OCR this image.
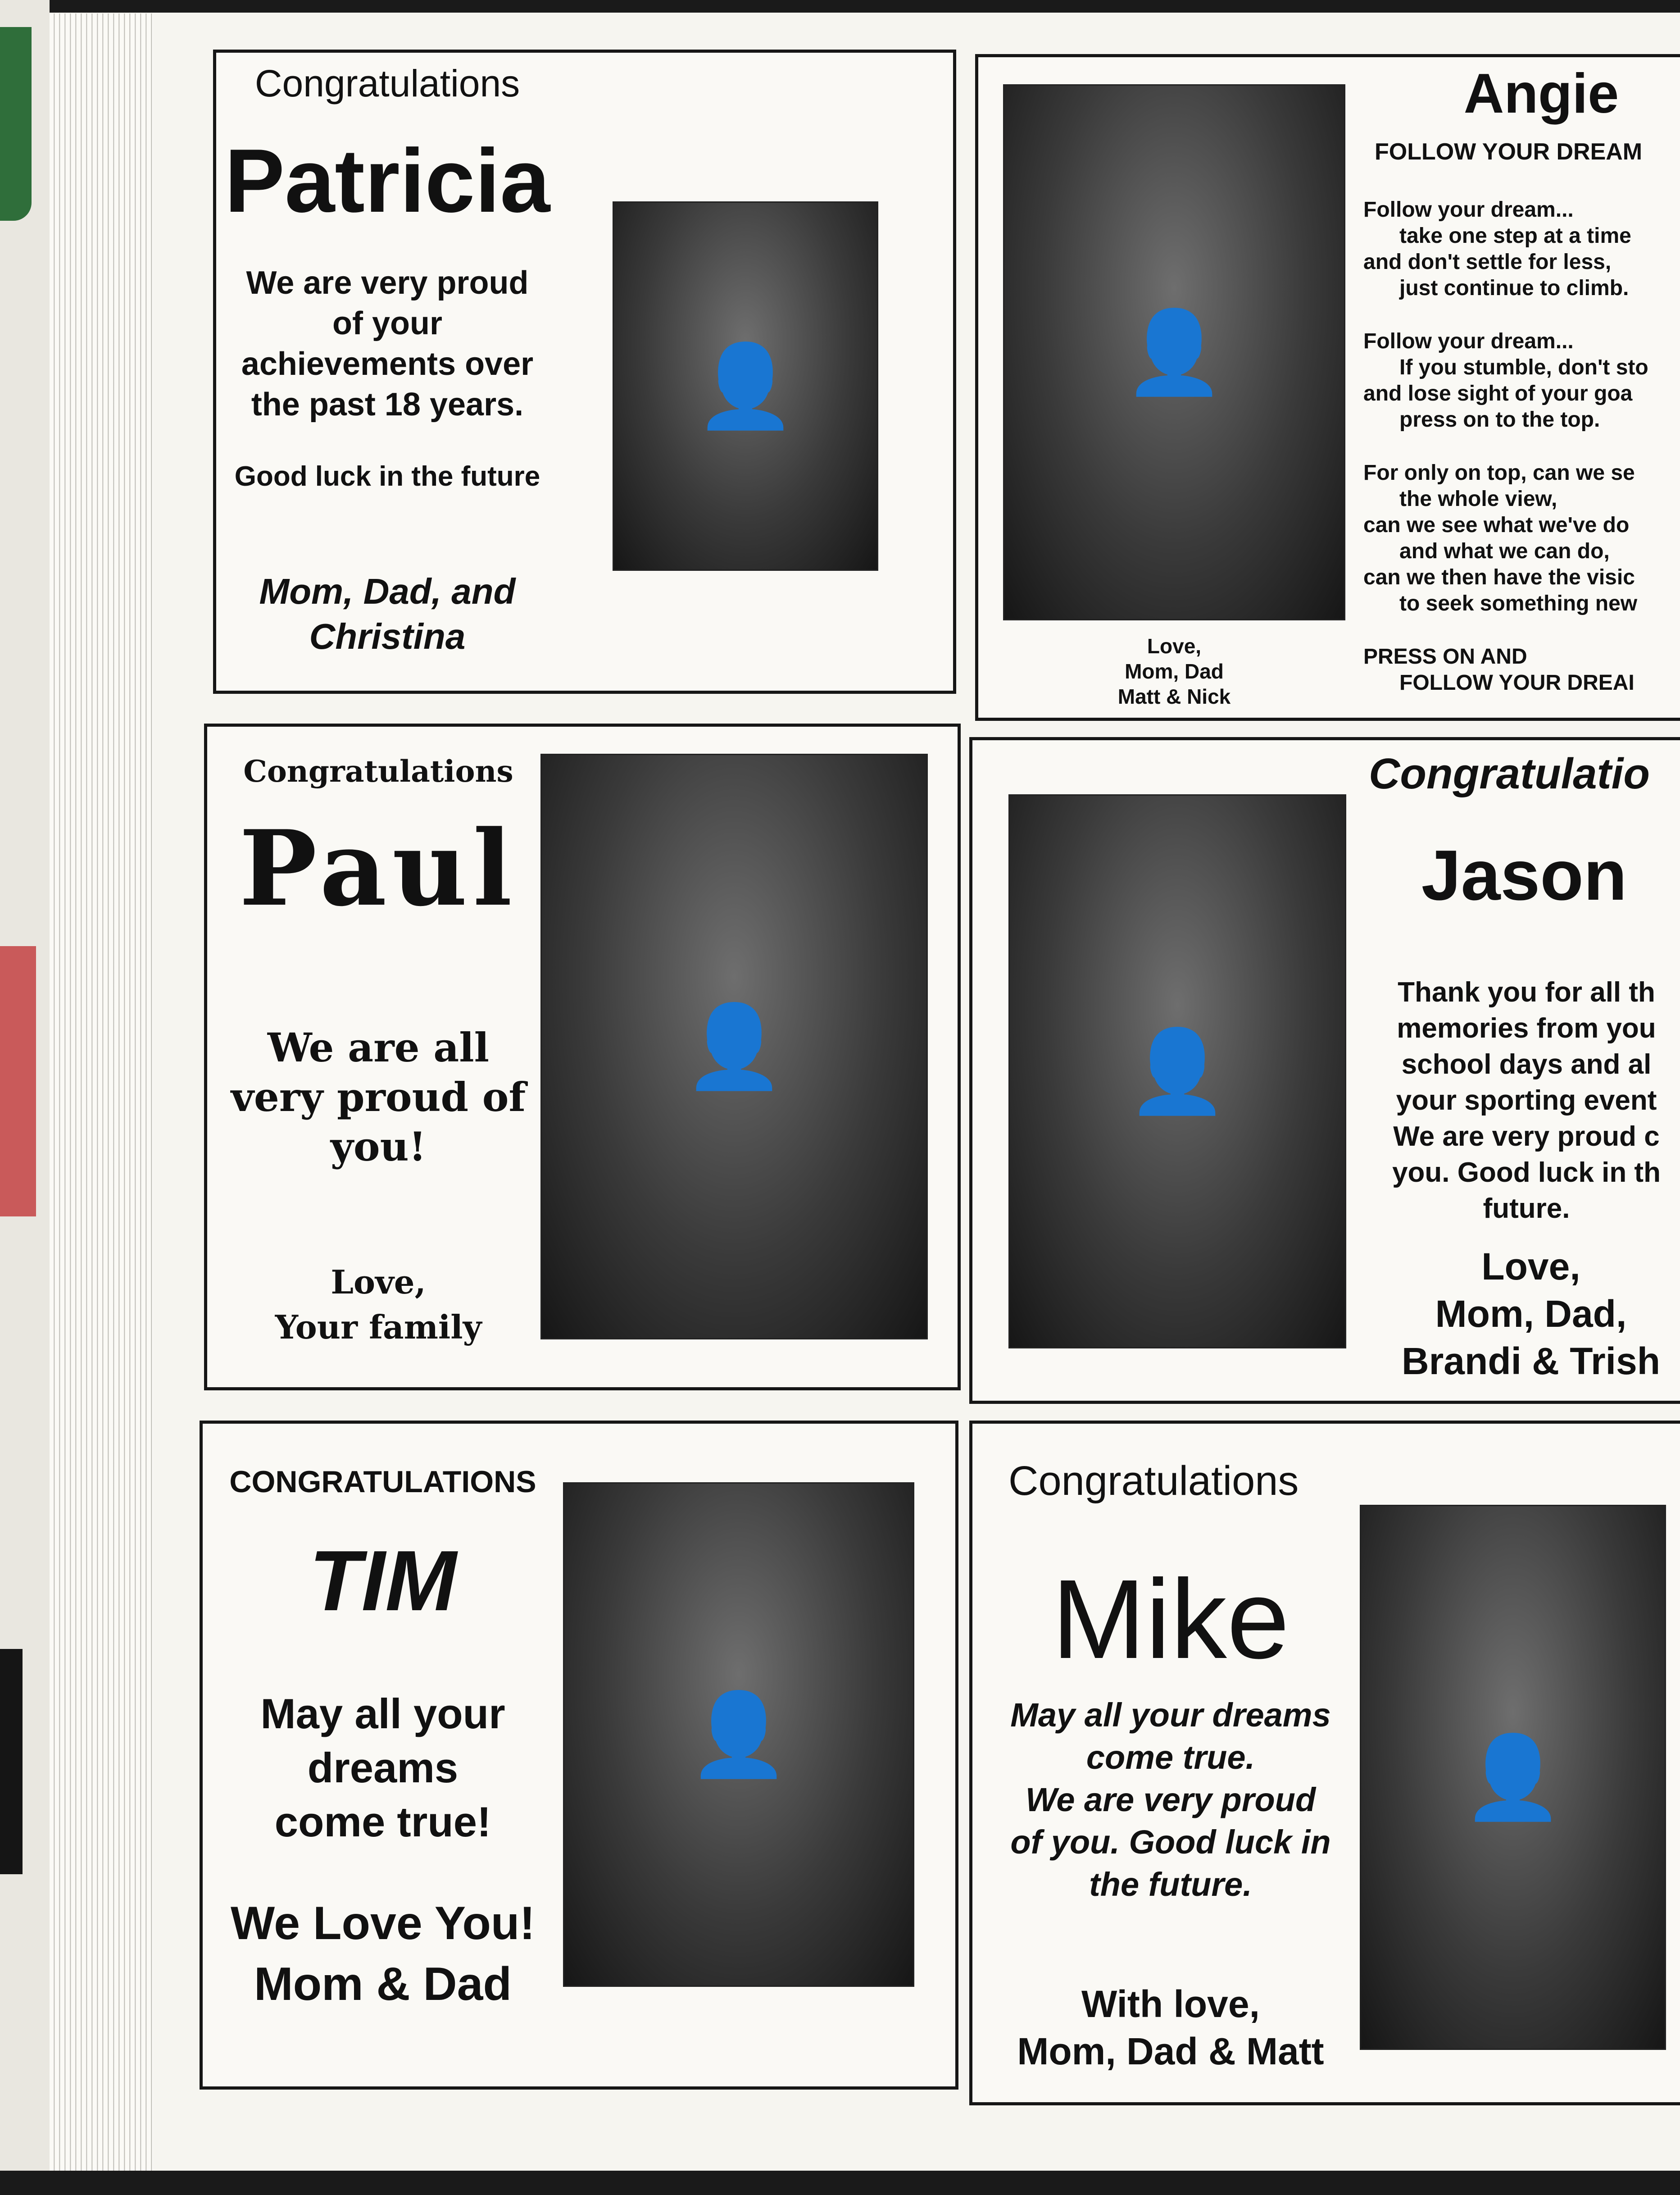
Congratulations

Patricia

We are very proud

of your

achievements over

the past 18 years.

Good luck in the future

Mom, Dad, and

Christina

👤	👤

Love,

Mom, Dad

Matt & Nick

Angie

FOLLOW YOUR DREAM

Follow your dream...
take one step at a time
and don't settle for less,
just continue to climb.
Follow your dream...
If you stumble, don't sto
and lose sight of your goa
press on to the top.
For only on top, can we se
the whole view,
can we see what we've do
and what we can do,
can we then have the visic
to seek something new
PRESS ON AND
FOLLOW YOUR DREAI

Congratulations

Paul

We are all

very proud of

you!

Love,

Your family

👤	👤

Congratulatio

Jason

Thank you for all th
memories from you
school days and al
your sporting event
We are very proud c
you. Good luck in th
future.

Love,

Mom, Dad,

Brandi & Trish

CONGRATULATIONS

TIM

May all your

dreams

come true!

We Love You!

Mom & Dad

👤

Congratulations

Mike

May all your dreams
come true.
We are very proud
of you. Good luck in
the future.

With love,

Mom, Dad & Matt

👤
